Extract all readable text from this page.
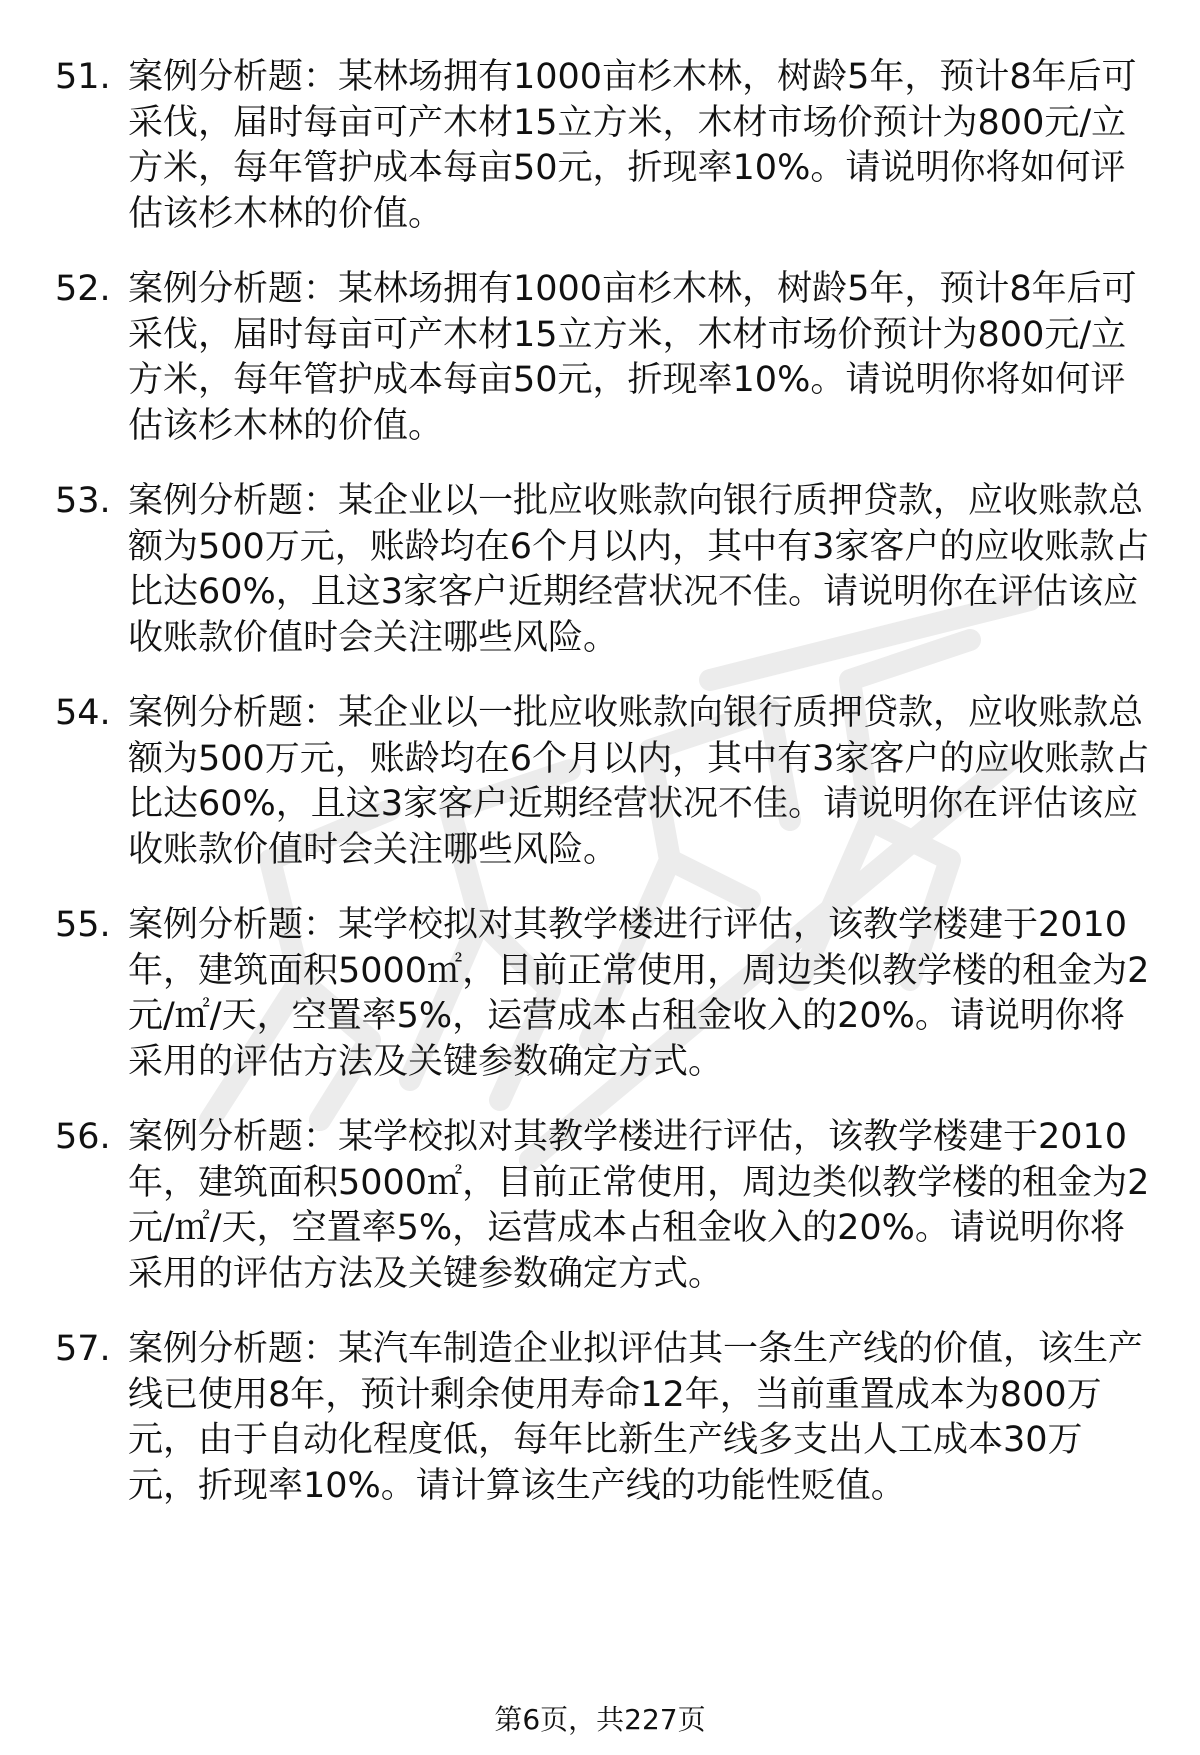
51. 案例分析题：某林场拥有1000亩杉木林，树龄5年，预计8年后可采伐，届时每亩可产木材15立方米，木材市场价预计为800元/立方米，每年管护成本每亩50元，折现率10%。请说明你将如何评估该杉木林的价值。
52. 案例分析题：某林场拥有1000亩杉木林，树龄5年，预计8年后可采伐，届时每亩可产木材15立方米，木材市场价预计为800元/立方米，每年管护成本每亩50元，折现率10%。请说明你将如何评估该杉木林的价值。
53. 案例分析题：某企业以一批应收账款向银行质押贷款，应收账款总额为500万元，账龄均在6个月以内，其中有3家客户的应收账款占比达60%，且这3家客户近期经营状况不佳。请说明你在评估该应收账款价值时会关注哪些风险。
54. 案例分析题：某企业以一批应收账款向银行质押贷款，应收账款总额为500万元，账龄均在6个月以内，其中有3家客户的应收账款占比达60%，且这3家客户近期经营状况不佳。请说明你在评估该应收账款价值时会关注哪些风险。
55. 案例分析题：某学校拟对其教学楼进行评估，该教学楼建于2010年，建筑面积5000㎡，目前正常使用，周边类似教学楼的租金为2元/㎡/天，空置率5%，运营成本占租金收入的20%。请说明你将采用的评估方法及关键参数确定方式。
56. 案例分析题：某学校拟对其教学楼进行评估，该教学楼建于2010年，建筑面积5000㎡，目前正常使用，周边类似教学楼的租金为2元/㎡/天，空置率5%，运营成本占租金收入的20%。请说明你将采用的评估方法及关键参数确定方式。
57. 案例分析题：某汽车制造企业拟评估其一条生产线的价值，该生产线已使用8年，预计剩余使用寿命12年，当前重置成本为800万元，由于自动化程度低，每年比新生产线多支出人工成本30万元，折现率10%。请计算该生产线的功能性贬值。
第6页，共227页
